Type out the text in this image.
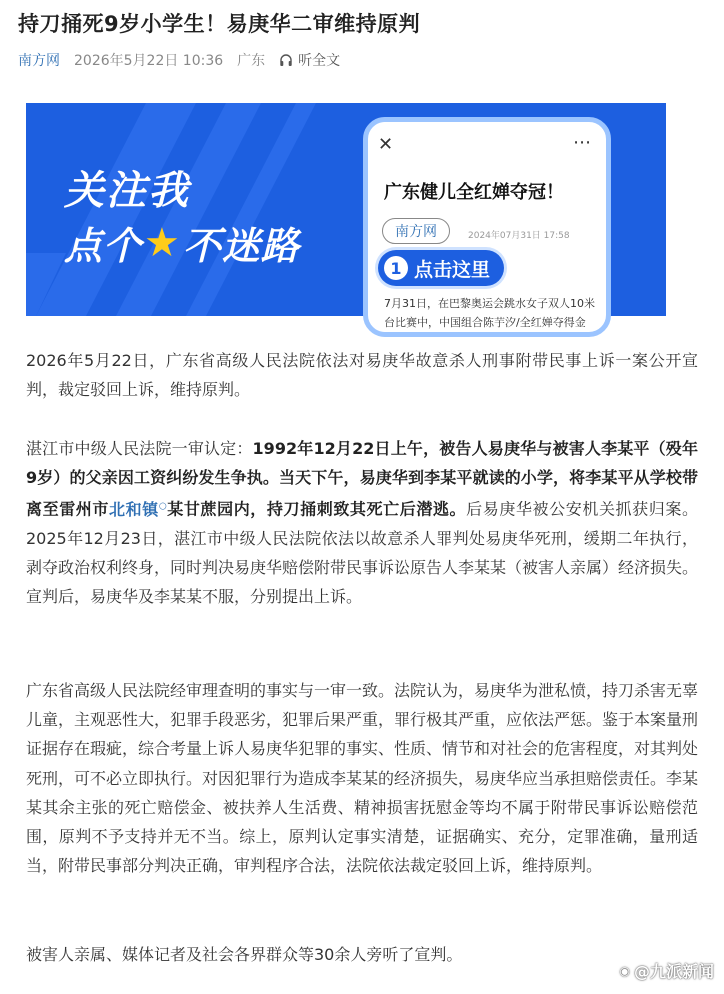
持刀捅死9岁小学生！易庚华二审维持原判
南方网 2026年5月22日 10:36 广东 听全文
关注我
点个 ★ 不迷路
✕	⋯
广东健儿全红婵夺冠！
南方网	2024年07月31日 17:58
1 点击这里
7月31日，在巴黎奥运会跳水女子双人10米台比赛中，中国组合陈芋汐/全红婵夺得金

2026年5月22日，广东省高级人民法院依法对易庚华故意杀人刑事附带民事上诉一案公开宣判，裁定驳回上诉，维持原判。

湛江市中级人民法院一审认定：1992年12月22日上午，被告人易庚华与被害人李某平（殁年9岁）的父亲因工资纠纷发生争执。当天下午，易庚华到李某平就读的小学，将李某平从学校带离至雷州市北和镇○某甘蔗园内，持刀捅刺致其死亡后潜逃。后易庚华被公安机关抓获归案。2025年12月23日，湛江市中级人民法院依法以故意杀人罪判处易庚华死刑，缓期二年执行，剥夺政治权利终身，同时判决易庚华赔偿附带民事诉讼原告人李某某（被害人亲属）经济损失。宣判后，易庚华及李某某不服，分别提出上诉。

广东省高级人民法院经审理查明的事实与一审一致。法院认为，易庚华为泄私愤，持刀杀害无辜儿童，主观恶性大，犯罪手段恶劣，犯罪后果严重，罪行极其严重，应依法严惩。鉴于本案量刑证据存在瑕疵，综合考量上诉人易庚华犯罪的事实、性质、情节和对社会的危害程度，对其判处死刑，可不必立即执行。对因犯罪行为造成李某某的经济损失，易庚华应当承担赔偿责任。李某某其余主张的死亡赔偿金、被扶养人生活费、精神损害抚慰金等均不属于附带民事诉讼赔偿范围，原判不予支持并无不当。综上，原判认定事实清楚，证据确实、充分，定罪准确，量刑适当，附带民事部分判决正确，审判程序合法，法院依法裁定驳回上诉，维持原判。

被害人亲属、媒体记者及社会各界群众等30余人旁听了宣判。

◉ @九派新闻
